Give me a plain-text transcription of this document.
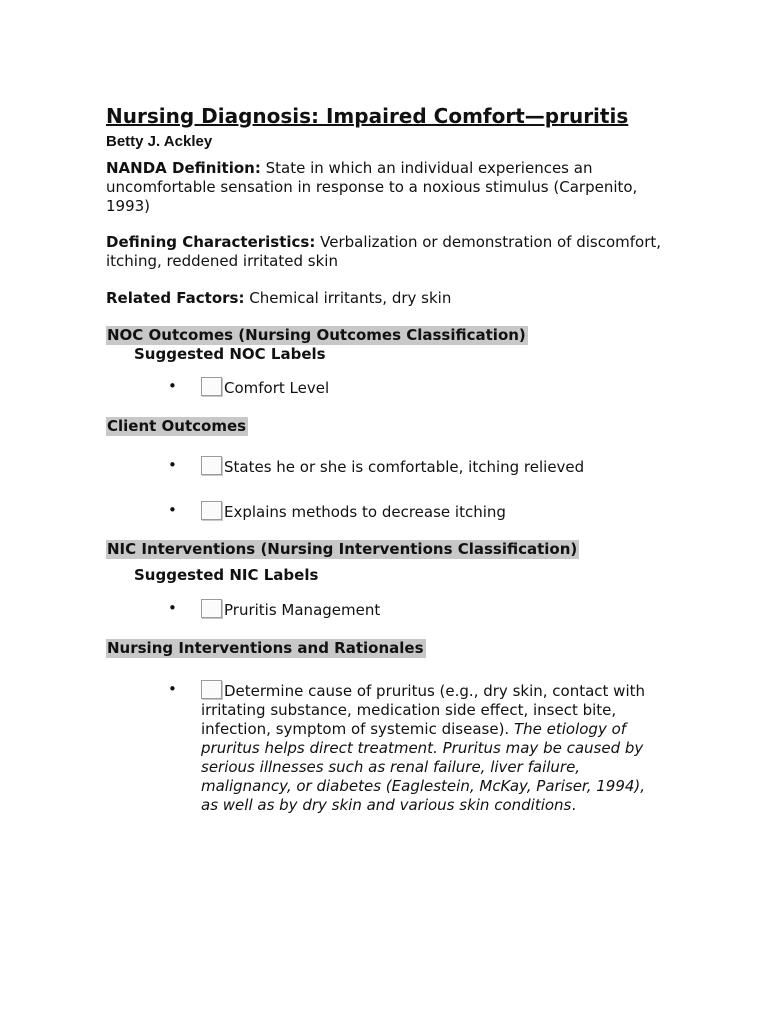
Nursing Diagnosis: Impaired Comfort—pruritis
Betty J. Ackley

NANDA Definition: State in which an individual experiences an uncomfortable sensation in response to a noxious stimulus (Carpenito, 1993)

Defining Characteristics: Verbalization or demonstration of discomfort, itching, reddened irritated skin

Related Factors: Chemical irritants, dry skin

NOC Outcomes (Nursing Outcomes Classification)
Suggested NOC Labels
•	Comfort Level
Client Outcomes
•	States he or she is comfortable, itching relieved
•	Explains methods to decrease itching
NIC Interventions (Nursing Interventions Classification)
Suggested NIC Labels
•	Pruritis Management
Nursing Interventions and Rationales
•	Determine cause of pruritus (e.g., dry skin, contact with irritating substance, medication side effect, insect bite, infection, symptom of systemic disease). The etiology of pruritus helps direct treatment. Pruritus may be caused by serious illnesses such as renal failure, liver failure, malignancy, or diabetes (Eaglestein, McKay, Pariser, 1994), as well as by dry skin and various skin conditions.
